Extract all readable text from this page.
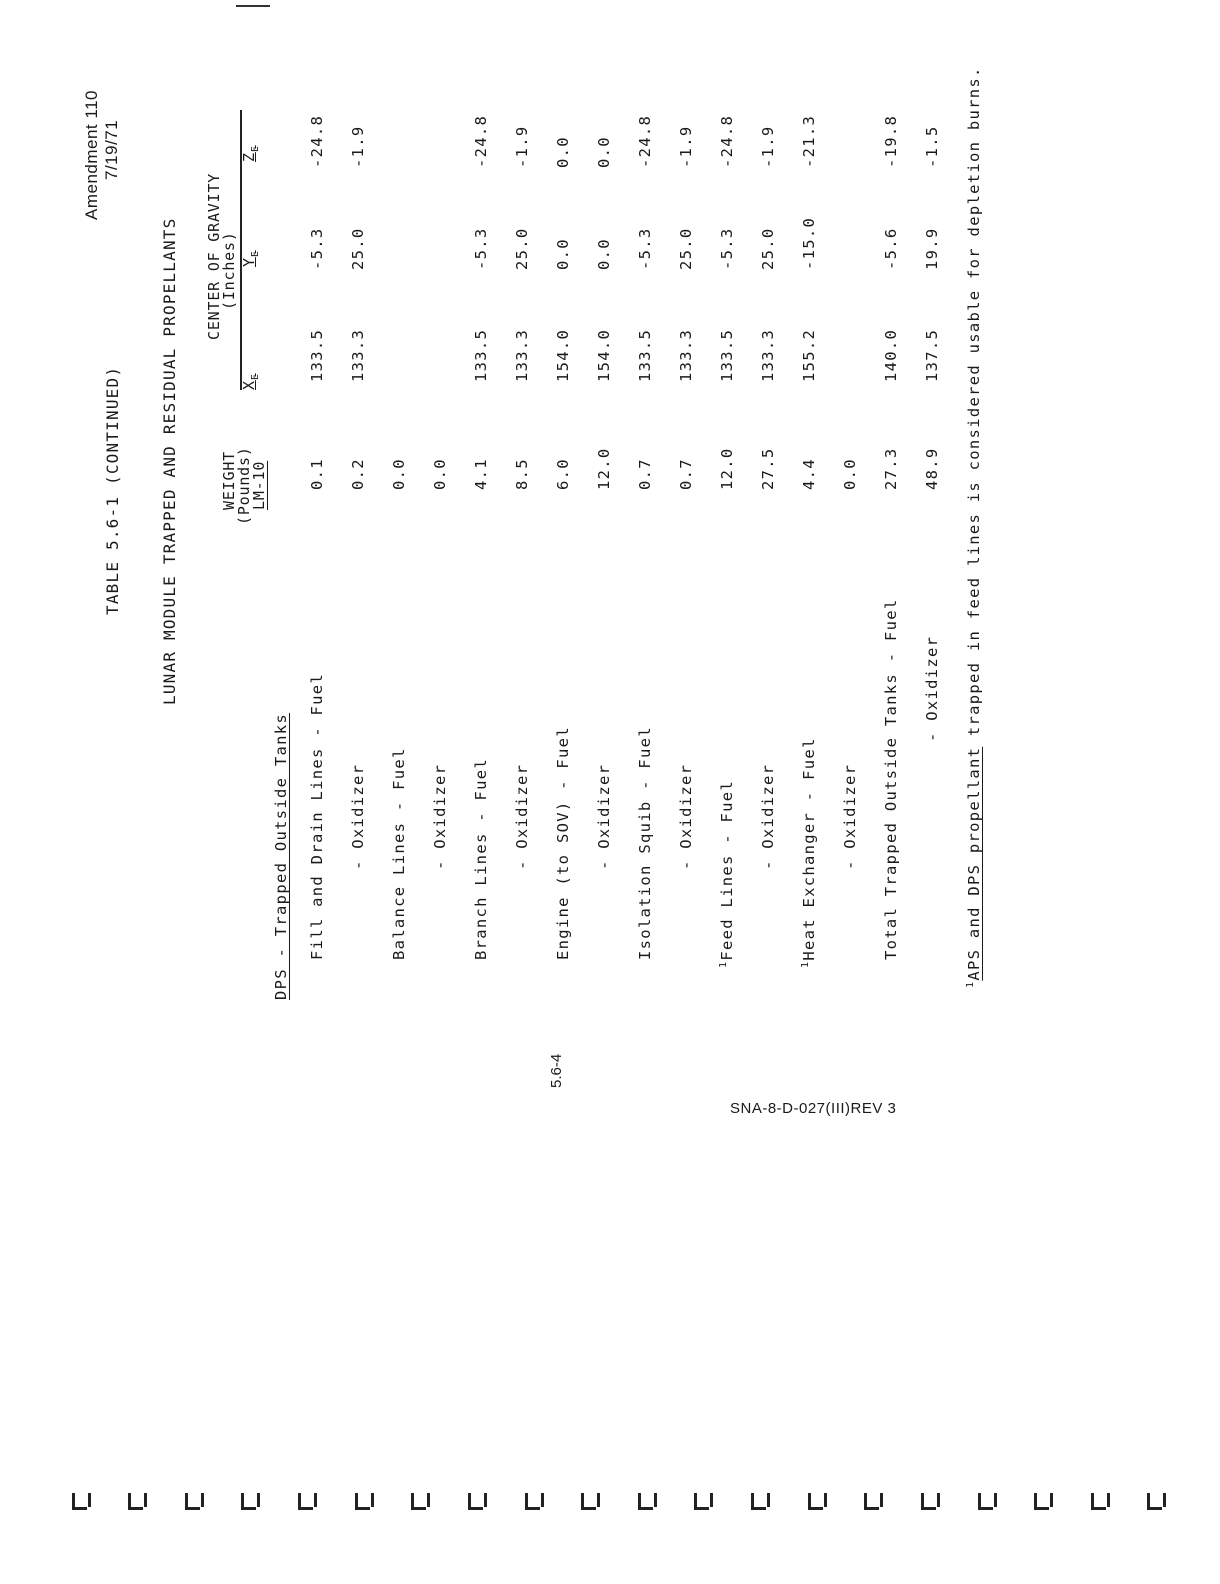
Amendment 110 7/19/71
TABLE 5.6-1 (CONTINUED) LUNAR MODULE TRAPPED AND RESIDUAL PROPELLANTS	WEIGHT
(Pounds)
LM-10
CENTER OF GRAVITY
(Inches)
$X_E$
$Y_E$
$Z_E$
DPS - Trapped Outside Tanks Fill and Drain Lines - Fuel
0.1
133.5
-5.3
-24.8
- Oxidizer
0.2
133.3
25.0
-1.9
Balance Lines - Fuel
0.0
- Oxidizer
0.0
Branch Lines - Fuel
4.1
133.5
-5.3
-24.8
- Oxidizer
8.5
133.3
25.0
-1.9
Engine (to SOV) - Fuel
6.0
154.0
0.0
0.0
- Oxidizer
12.0
154.0
0.0
0.0
Isolation Squib - Fuel
0.7
133.5
-5.3
-24.8
- Oxidizer
0.7
133.3
25.0
-1.9
$^1$Feed Lines - Fuel
12.0
133.5
-5.3
-24.8
- Oxidizer
27.5
133.3
25.0
-1.9
$^1$Heat Exchanger - Fuel
4.4
155.2
-15.0
-21.3
- Oxidizer
0.0
Total Trapped Outside Tanks - Fuel
27.3
140.0
-5.6
-19.8
- Oxidizer
48.9
137.5
19.9
-1.5
$^1$APS and DPS propellant trapped in feed lines is considered usable for depletion burns.
5.6-4
SNA-8-D-027(III)REV 3
